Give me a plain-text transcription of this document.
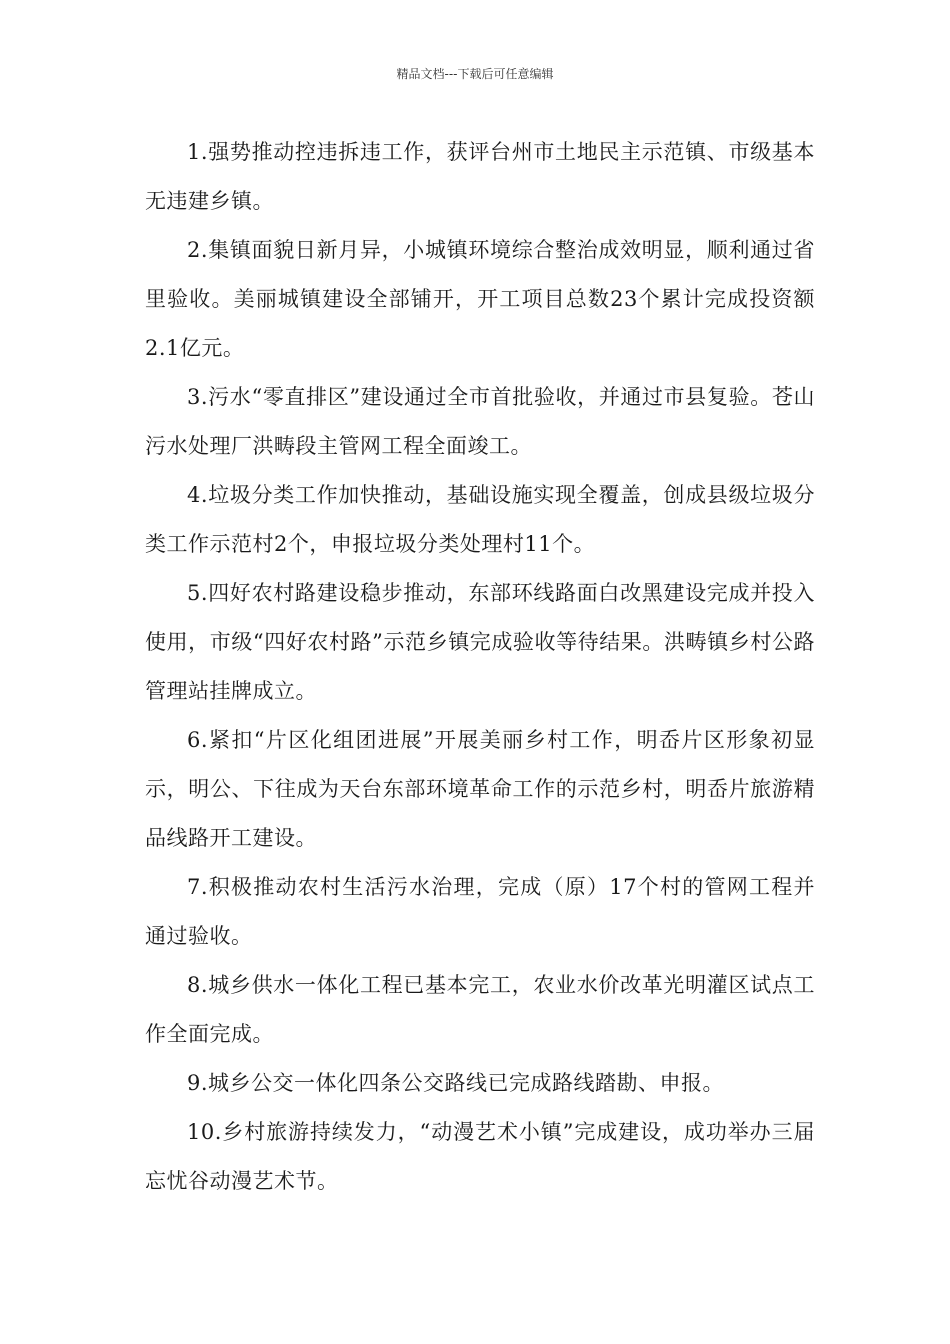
精品文档---下载后可任意编辑

1.强势推动控违拆违工作，获评台州市土地民主示范镇、市级基本无违建乡镇。

2.集镇面貌日新月异，小城镇环境综合整治成效明显，顺利通过省里验收。美丽城镇建设全部铺开，开工项目总数23个累计完成投资额2.1亿元。

3.污水“零直排区”建设通过全市首批验收，并通过市县复验。苍山污水处理厂洪畴段主管网工程全面竣工。

4.垃圾分类工作加快推动，基础设施实现全覆盖，创成县级垃圾分类工作示范村2个，申报垃圾分类处理村11个。

5.四好农村路建设稳步推动，东部环线路面白改黑建设完成并投入使用，市级“四好农村路”示范乡镇完成验收等待结果。洪畴镇乡村公路管理站挂牌成立。

6.紧扣“片区化组团进展”开展美丽乡村工作，明岙片区形象初显示，明公、下往成为天台东部环境革命工作的示范乡村，明岙片旅游精品线路开工建设。

7.积极推动农村生活污水治理，完成（原）17个村的管网工程并通过验收。

8.城乡供水一体化工程已基本完工，农业水价改革光明灌区试点工作全面完成。

9.城乡公交一体化四条公交路线已完成路线踏勘、申报。

10.乡村旅游持续发力，“动漫艺术小镇”完成建设，成功举办三届忘忧谷动漫艺术节。
